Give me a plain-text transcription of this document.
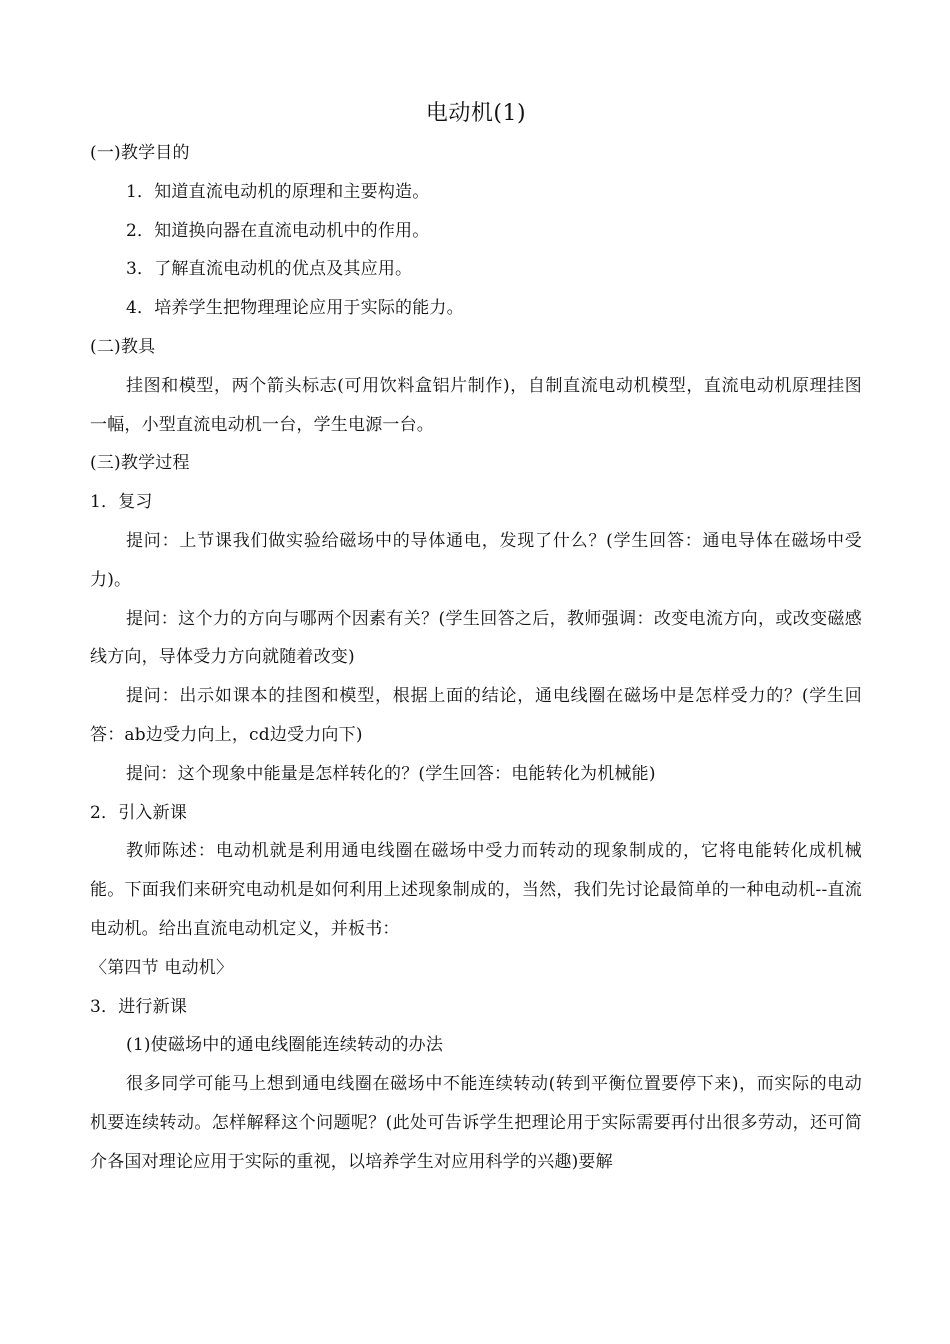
电动机(1)
(一)教学目的
1．知道直流电动机的原理和主要构造。
2．知道换向器在直流电动机中的作用。
3．了解直流电动机的优点及其应用。
4．培养学生把物理理论应用于实际的能力。
(二)教具

挂图和模型，两个箭头标志(可用饮料盒铝片制作)，自制直流电动机模型，直流电动机原理挂图一幅，小型直流电动机一台，学生电源一台。

(三)教学过程
1．复习

提问：上节课我们做实验给磁场中的导体通电，发现了什么？(学生回答：通电导体在磁场中受力)。

提问：这个力的方向与哪两个因素有关？(学生回答之后，教师强调：改变电流方向，或改变磁感线方向，导体受力方向就随着改变)

提问：出示如课本的挂图和模型，根据上面的结论，通电线圈在磁场中是怎样受力的？(学生回答：ab边受力向上，cd边受力向下)

提问：这个现象中能量是怎样转化的？(学生回答：电能转化为机械能)

2．引入新课

教师陈述：电动机就是利用通电线圈在磁场中受力而转动的现象制成的，它将电能转化成机械能。下面我们来研究电动机是如何利用上述现象制成的，当然，我们先讨论最简单的一种电动机--直流电动机。给出直流电动机定义，并板书：

〈第四节 电动机〉
3．进行新课
(1)使磁场中的通电线圈能连续转动的办法

很多同学可能马上想到通电线圈在磁场中不能连续转动(转到平衡位置要停下来)，而实际的电动机要连续转动。怎样解释这个问题呢？(此处可告诉学生把理论用于实际需要再付出很多劳动，还可简介各国对理论应用于实际的重视，以培养学生对应用科学的兴趣)要解
